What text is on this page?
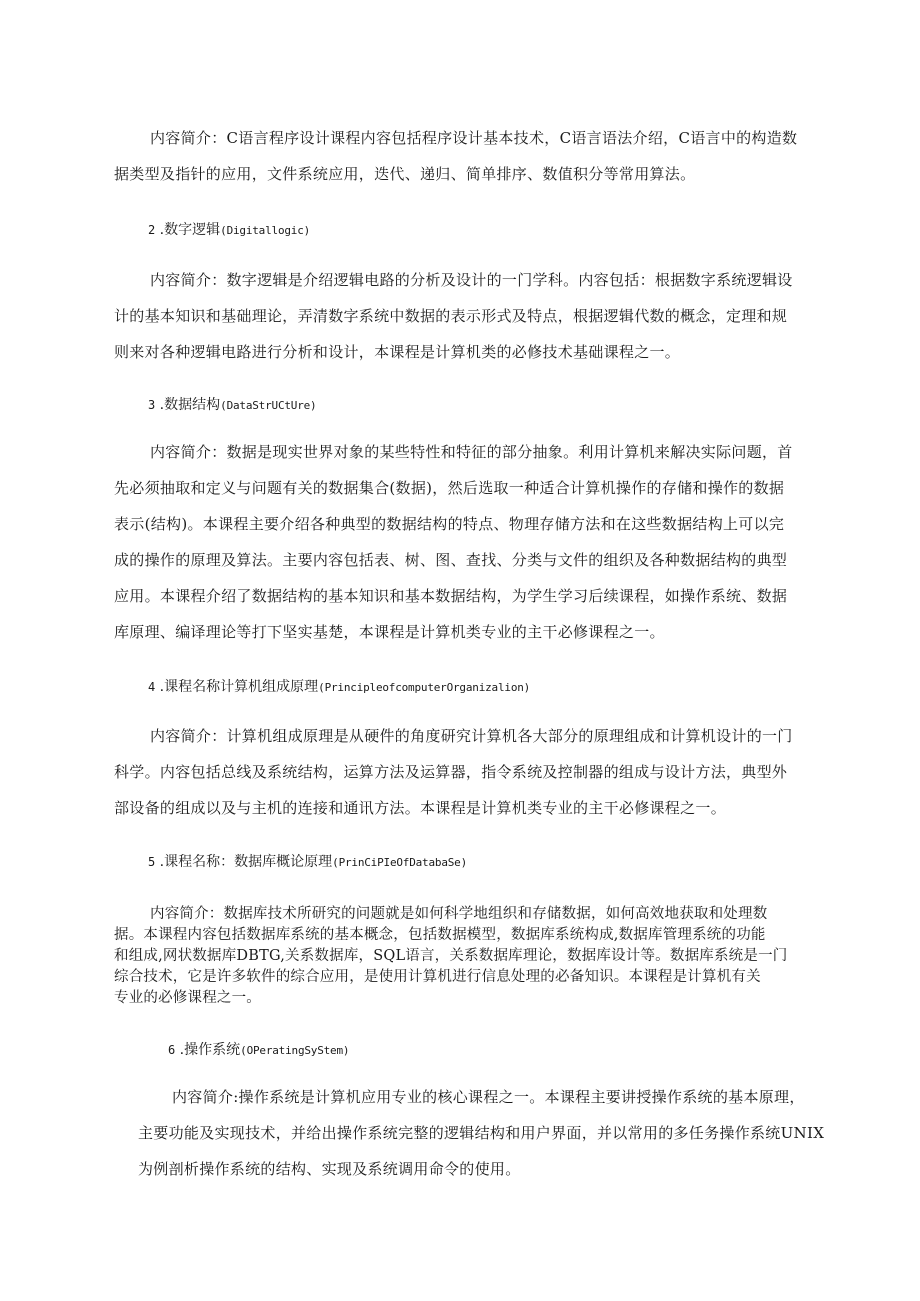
内容简介：C语言程序设计课程内容包括程序设计基本技术，C语言语法介绍，C语言中的构造数
据类型及指针的应用，文件系统应用，迭代、递归、简单排序、数值积分等常用算法。
2 .数字逻辑(Digitallogic)
内容简介：数字逻辑是介绍逻辑电路的分析及设计的一门学科。内容包括：根据数字系统逻辑设
计的基本知识和基础理论，弄清数字系统中数据的表示形式及特点，根据逻辑代数的概念，定理和规
则来对各种逻辑电路进行分析和设计，本课程是计算机类的必修技术基础课程之一。
3 .数据结构(DataStrUCtUre)
内容简介：数据是现实世界对象的某些特性和特征的部分抽象。利用计算机来解决实际问题，首
先必须抽取和定义与问题有关的数据集合(数据)，然后选取一种适合计算机操作的存储和操作的数据
表示(结构)。本课程主要介绍各种典型的数据结构的特点、物理存储方法和在这些数据结构上可以完
成的操作的原理及算法。主要内容包括表、树、图、查找、分类与文件的组织及各种数据结构的典型
应用。本课程介绍了数据结构的基本知识和基本数据结构，为学生学习后续课程，如操作系统、数据
库原理、编译理论等打下坚实基楚，本课程是计算机类专业的主干必修课程之一。
4 .课程名称计算机组成原理(PrincipleofcomputerOrganizalion)
内容简介：计算机组成原理是从硬件的角度研究计算机各大部分的原理组成和计算机设计的一门
科学。内容包括总线及系统结构，运算方法及运算器，指令系统及控制器的组成与设计方法，典型外
部设备的组成以及与主机的连接和通讯方法。本课程是计算机类专业的主干必修课程之一。
5 .课程名称：数据库概论原理(PrinCiPIeOfDatabaSe)
内容简介：数据库技术所研究的问题就是如何科学地组织和存储数据，如何高效地获取和处理数
据。本课程内容包括数据库系统的基本概念，包括数据模型，数据库系统构成,数据库管理系统的功能
和组成,网状数据库DBTG,关系数据库，SQL语言，关系数据库理论，数据库设计等。数据库系统是一门
综合技术，它是许多软件的综合应用，是使用计算机进行信息处理的必备知识。本课程是计算机有关
专业的必修课程之一。
6 .操作系统(OPeratingSyStem)
内容简介:操作系统是计算机应用专业的核心课程之一。本课程主要讲授操作系统的基本原理，
主要功能及实现技术，并给出操作系统完整的逻辑结构和用户界面，并以常用的多任务操作系统UNIX
为例剖析操作系统的结构、实现及系统调用命令的使用。
